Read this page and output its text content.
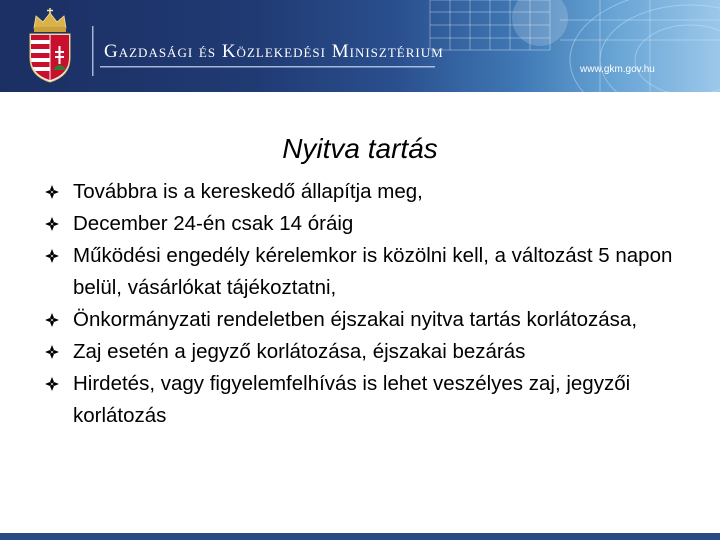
Gazdasági és Közlekedési Minisztérium
www.gkm.gov.hu
Nyitva tartás
Továbbra is a kereskedő állapítja meg,
December 24-én csak 14 óráig
Működési engedély kérelemkor is közölni kell, a változást 5 napon belül, vásárlókat tájékoztatni,
Önkormányzati rendeletben éjszakai nyitva tartás korlátozása,
Zaj esetén a jegyző korlátozása, éjszakai bezárás
Hirdetés, vagy figyelemfelhívás is lehet veszélyes zaj, jegyzői korlátozás
